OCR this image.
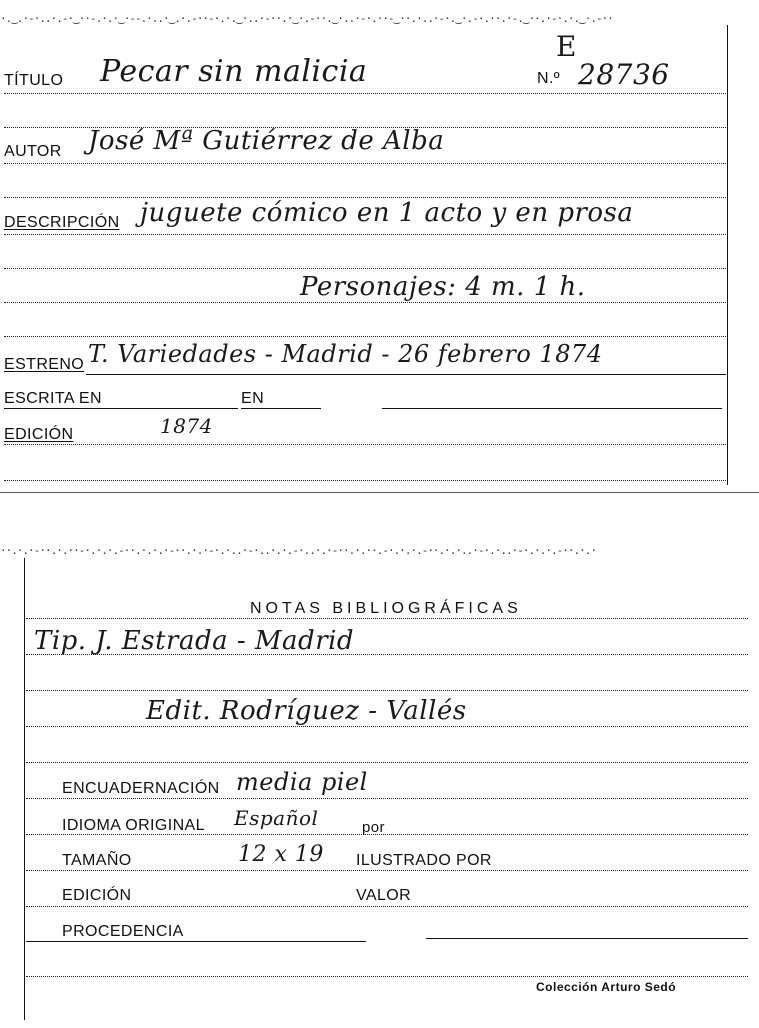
·.‿.·-·..·.-·‿··-.·.·‿·--.·..·‿.·.-··-·.·.‿·..·-··.·‿·.-··.‿·..·-·.··-‿··.·..·-·.‿·.-·.··.·-.‿··.·-·.·.‿·.-··
TÍTULO Pecar sin malicia	N.º 28736
E
AUTOR José Mª Gutiérrez de Alba
DESCRIPCIÓN juguete cómico en 1 acto y en prosa
Personajes: 4 m. 1 h.
ESTRENO T. Variedades - Madrid - 26 febrero 1874
ESCRITA EN	EN
EDICIÓN	1874
··.·.·-··.·.··-·.·.·.-··.·.·.·-··.·.·-·.·..·-·..·.·.-·..·.·-··.·.··.-·.·.·.-··.·.·..·-·.·..·-·.·.·.-··.·.·
NOTAS BIBLIOGRÁFICAS
Tip. J. Estrada - Madrid
Edit. Rodríguez - Vallés
ENCUADERNACIÓN media piel
IDIOMA ORIGINAL Español	por
TAMAÑO	12 x 19 ILUSTRADO POR
EDICIÓN	VALOR
PROCEDENCIA
Colección Arturo Sedó
